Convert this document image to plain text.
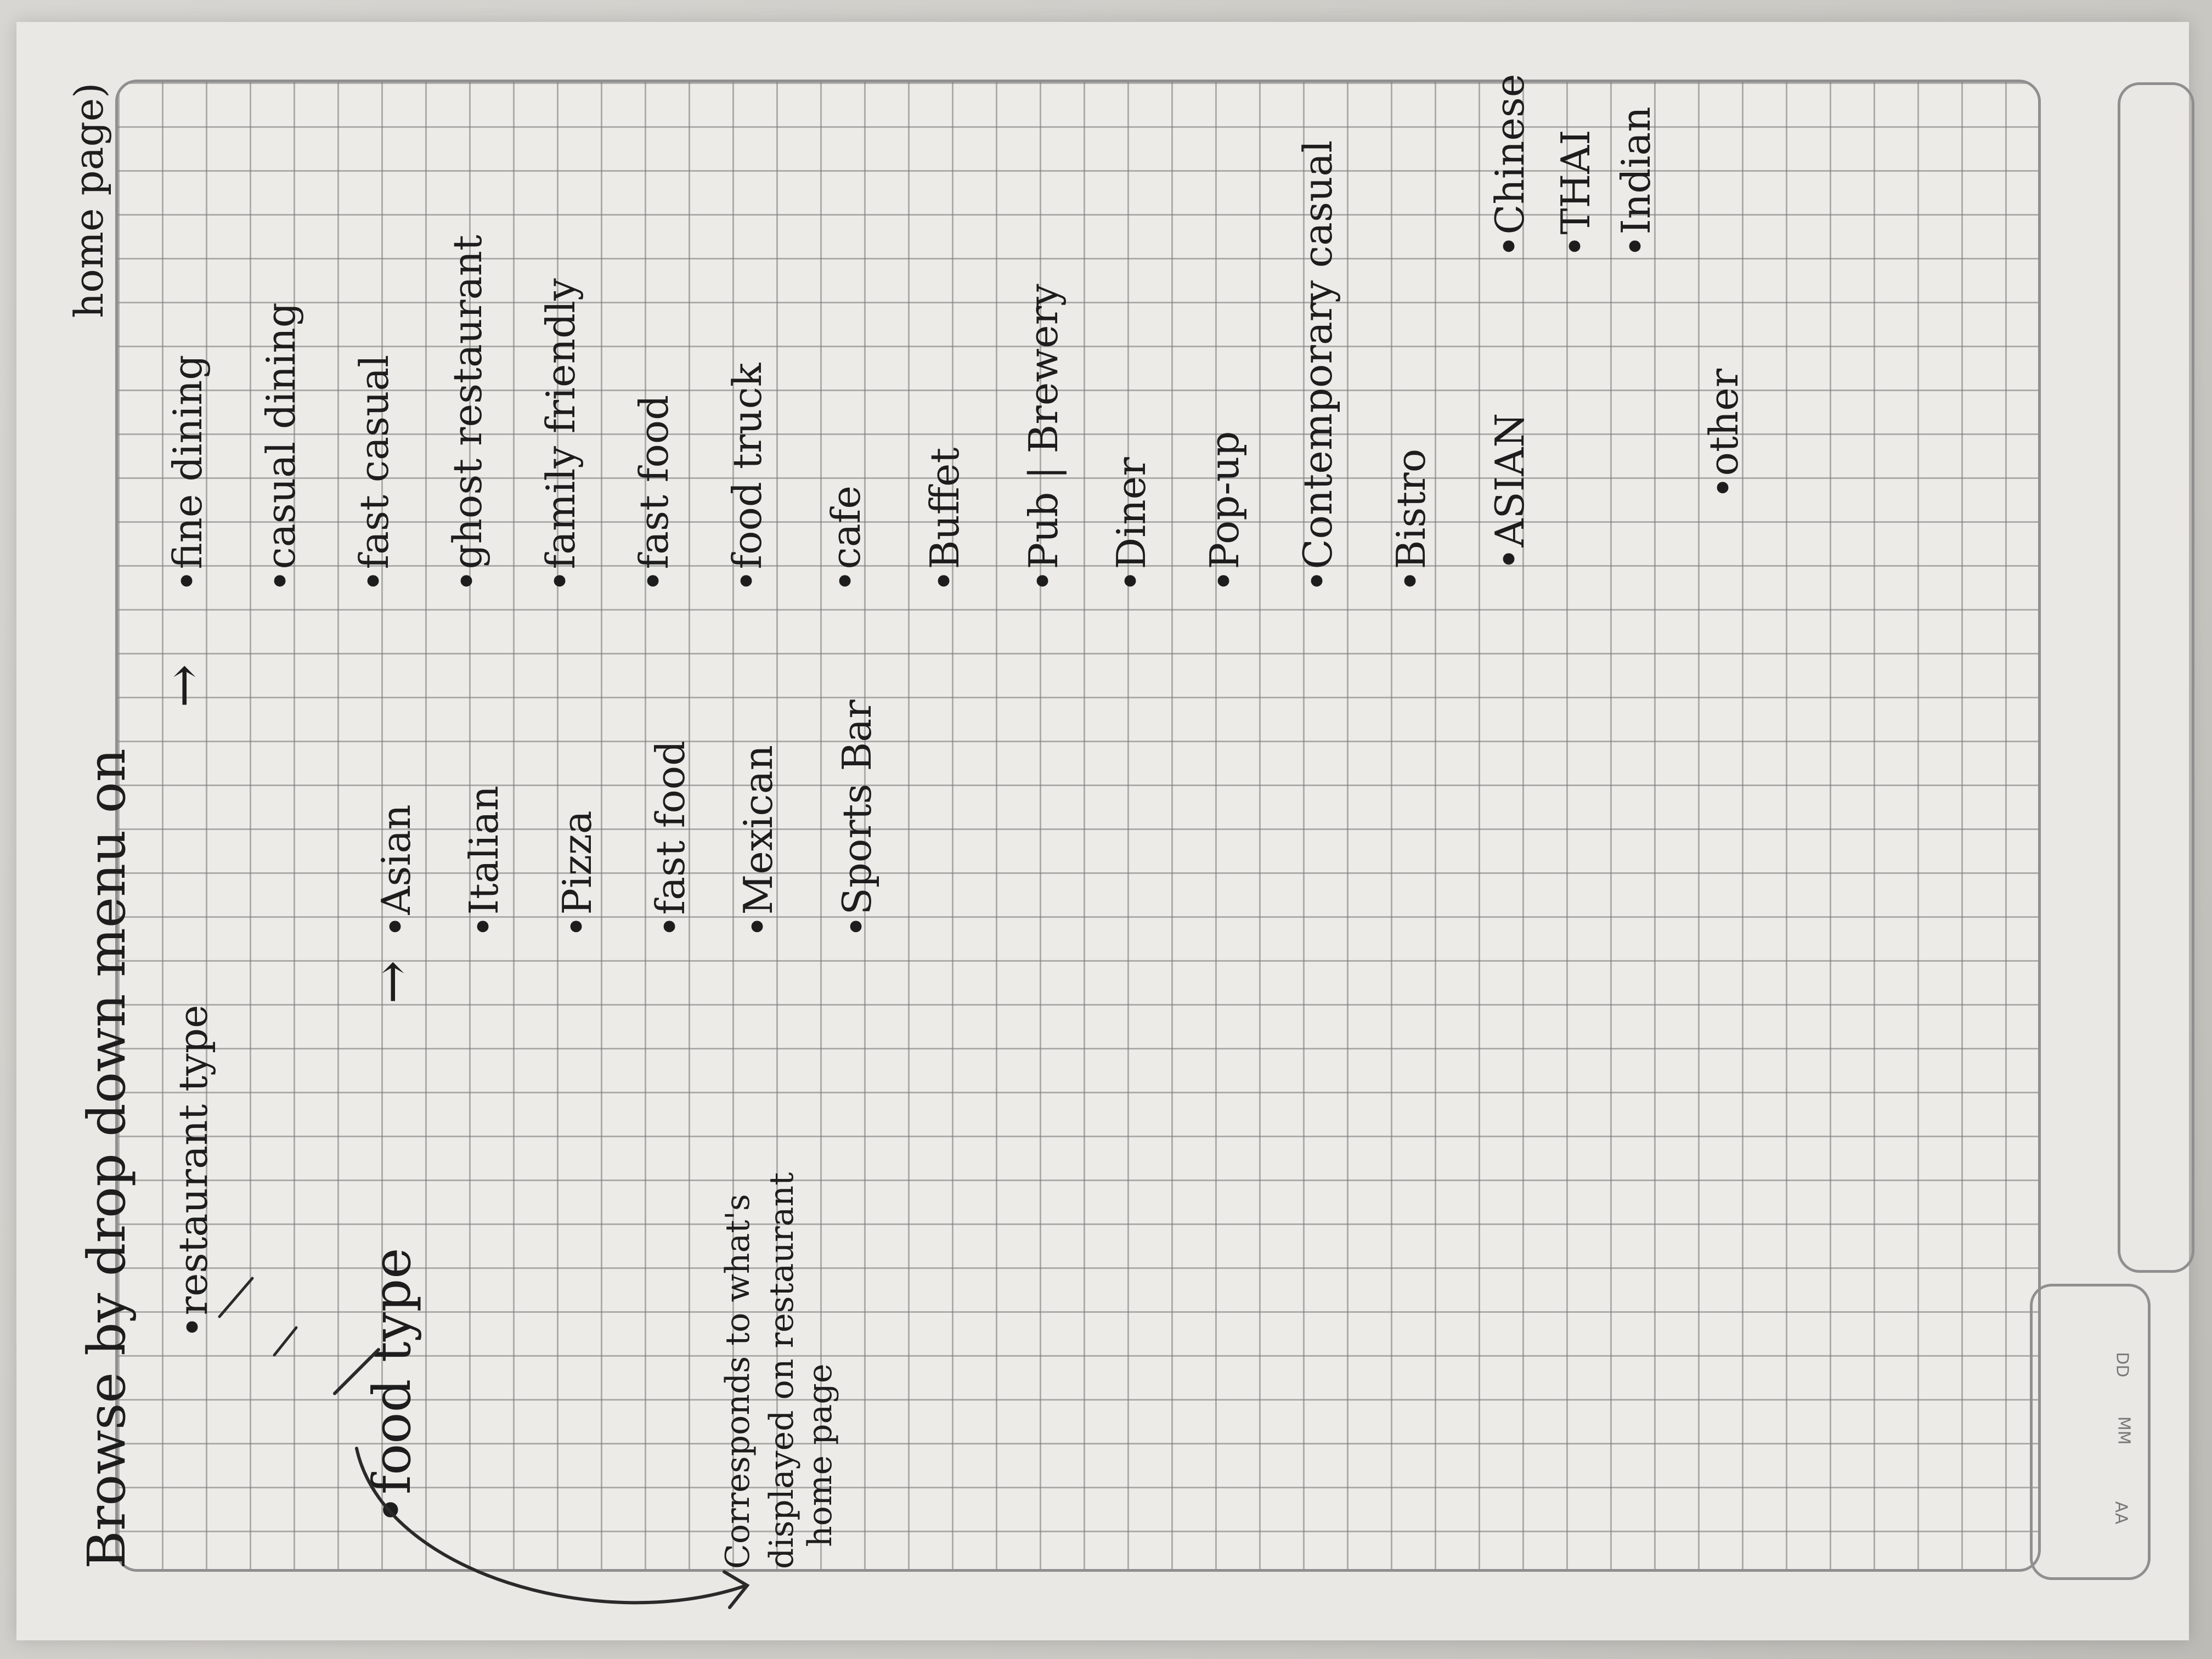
DD
MM
AA
Browse by drop down menu on
home page)
• restaurant type
→
• fine dining • casual dining • fast casual • ghost restaurant • family friendly • fast food • food truck • cafe • Buffet • Pub | Brewery • Diner • Pop-up • Contemporary casual • Bistro
• food type
→
• Asian • Italian • Pizza • fast food • Mexican • Sports Bar
Corresponds to what's displayed on restaurant home page
• ASIAN
• Chinese • THAI • Indian
• other
